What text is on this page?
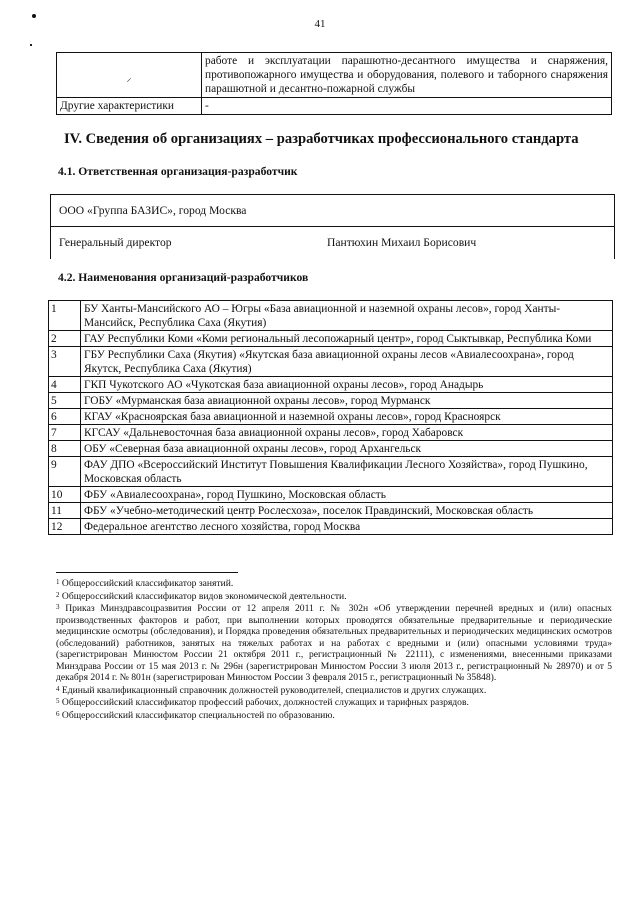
41
⸝	работе и эксплуатации парашютно-десантного имущества и снаряжения, противопожарного имущества и оборудования, полевого и таборного снаряжения парашютной и десантно-пожарной службы
Другие характеристики	-
IV. Сведения об организациях – разработчиках профессионального стандарта
4.1. Ответственная организация-разработчик
ООО «Группа БАЗИС», город Москва
Генеральный директор	Пантюхин Михаил Борисович
4.2. Наименования организаций-разработчиков
1	БУ Ханты-Мансийского АО – Югры «База авиационной и наземной охраны лесов», город Ханты-Мансийск, Республика Саха (Якутия)
2	ГАУ Республики Коми «Коми региональный лесопожарный центр», город Сыктывкар, Республика Коми
3	ГБУ Республики Саха (Якутия) «Якутская база авиационной охраны лесов «Авиалесоохрана», город Якутск, Республика Саха (Якутия)
4	ГКП Чукотского АО «Чукотская база авиационной охраны лесов», город Анадырь
5	ГОБУ «Мурманская база авиационной охраны лесов», город Мурманск
6	КГАУ «Красноярская база авиационной и наземной охраны лесов», город Красноярск
7	КГСАУ «Дальневосточная база авиационной охраны лесов», город Хабаровск
8	ОБУ «Северная база авиационной охраны лесов», город Архангельск
9	ФАУ ДПО «Всероссийский Институт Повышения Квалификации Лесного Хозяйства», город Пушкино, Московская область
10	ФБУ «Авиалесоохрана», город Пушкино, Московская область
11	ФБУ «Учебно-методический центр Рослесхоза», поселок Правдинский, Московская область
12	Федеральное агентство лесного хозяйства, город Москва

$^1$ Общероссийский классификатор занятий.

$^2$ Общероссийский классификатор видов экономической деятельности.

$^3$ Приказ Минздравсоцразвития России от 12 апреля 2011 г. № 302н «Об утверждении перечней вредных и (или) опасных производственных факторов и работ, при выполнении которых проводятся обязательные предварительные и периодические медицинские осмотры (обследования), и Порядка проведения обязательных предварительных и периодических медицинских осмотров (обследований) работников, занятых на тяжелых работах и на работах с вредными и (или) опасными условиями труда» (зарегистрирован Минюстом России 21 октября 2011 г., регистрационный № 22111), с изменениями, внесенными приказами Минздрава России от 15 мая 2013 г. № 296н (зарегистрирован Минюстом России 3 июля 2013 г., регистрационный № 28970) и от 5 декабря 2014 г. № 801н (зарегистрирован Минюстом России 3 февраля 2015 г., регистрационный № 35848).

$^4$ Единый квалификационный справочник должностей руководителей, специалистов и других служащих.

$^5$ Общероссийский классификатор профессий рабочих, должностей служащих и тарифных разрядов.

$^6$ Общероссийский классификатор специальностей по образованию.
